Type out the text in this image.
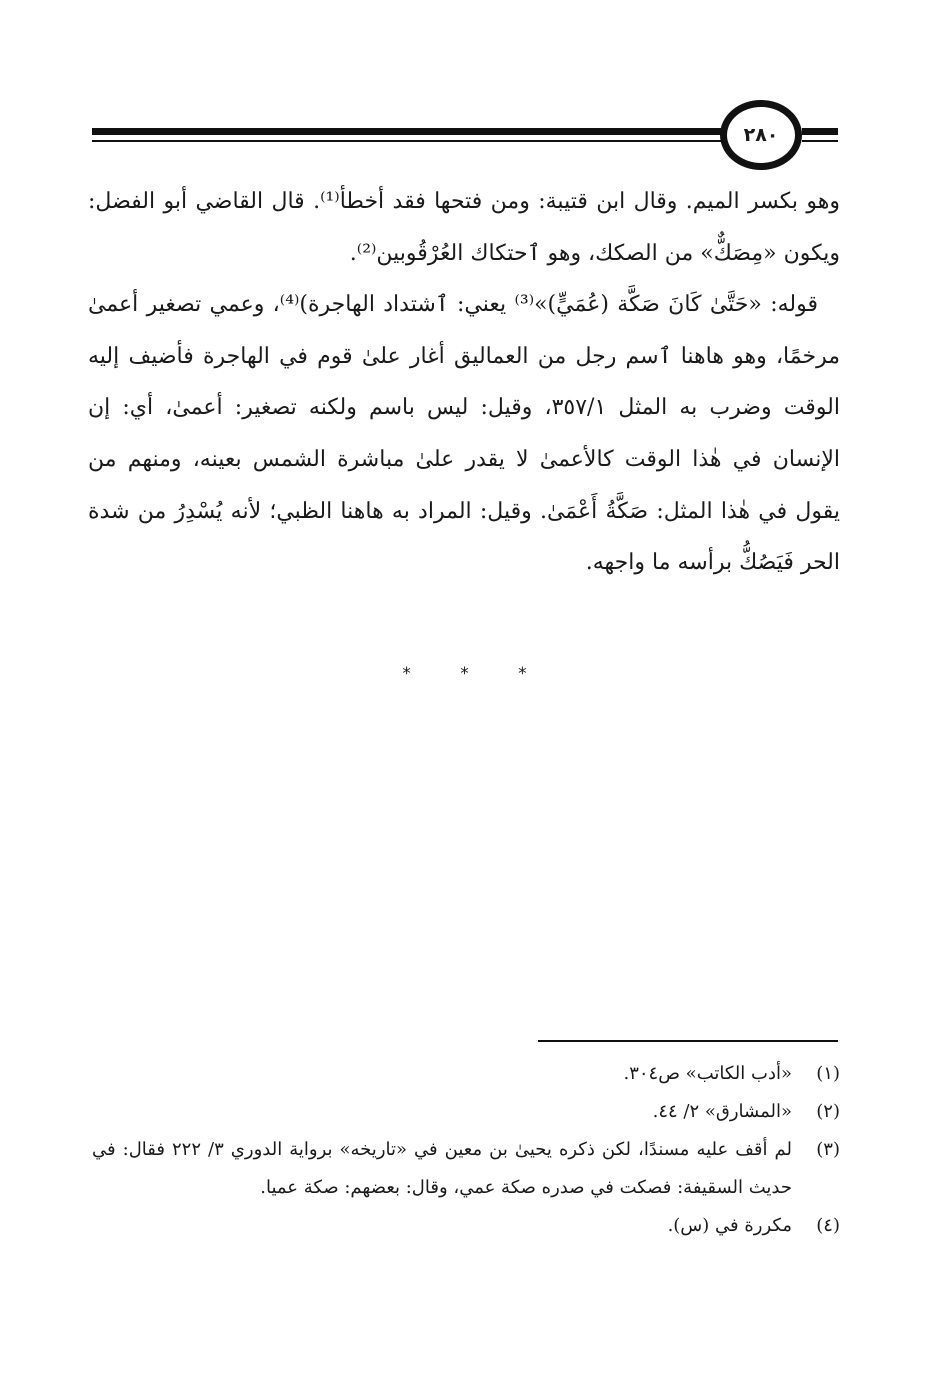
٢٨٠

وهو بكسر الميم. وقال ابن قتيبة: ومن فتحها فقد أخطأ⁽¹⁾. قال القاضي أبو الفضل: ويكون «مِصَكٌّ» من الصكك، وهو ٱحتكاك العُرْقُوبين⁽²⁾.

قوله: «حَتَّىٰ كَانَ صَكَّة (عُمَيٍّ)»⁽³⁾ يعني: ٱشتداد الهاجرة)⁽⁴⁾، وعمي تصغير أعمىٰ مرخمًا، وهو هاهنا ٱسم رجل من العماليق أغار علىٰ قوم في الهاجرة فأضيف إليه الوقت وضرب به المثل ٣٥٧/١، وقيل: ليس باسم ولكنه تصغير: أعمىٰ، أي: إن الإنسان في هٰذا الوقت كالأعمىٰ لا يقدر علىٰ مباشرة الشمس بعينه، ومنهم من يقول في هٰذا المثل: صَكَّةُ أَعْمَىٰ. وقيل: المراد به هاهنا الظبي؛ لأنه يُسْدِرُ من شدة الحر فَيَصُكُّ برأسه ما واجهه.

* * *
(١)
«أدب الكاتب» ص٣٠٤.
(٢)
«المشارق» ٢/ ٤٤.
(٣)
لم أقف عليه مسندًا، لكن ذكره يحيىٰ بن معين في «تاريخه» برواية الدوري ٣/ ٢٢٢ فقال: في حديث السقيفة: فصكت في صدره صكة عمي، وقال: بعضهم: صكة عميا.
(٤)
مكررة في (س).
